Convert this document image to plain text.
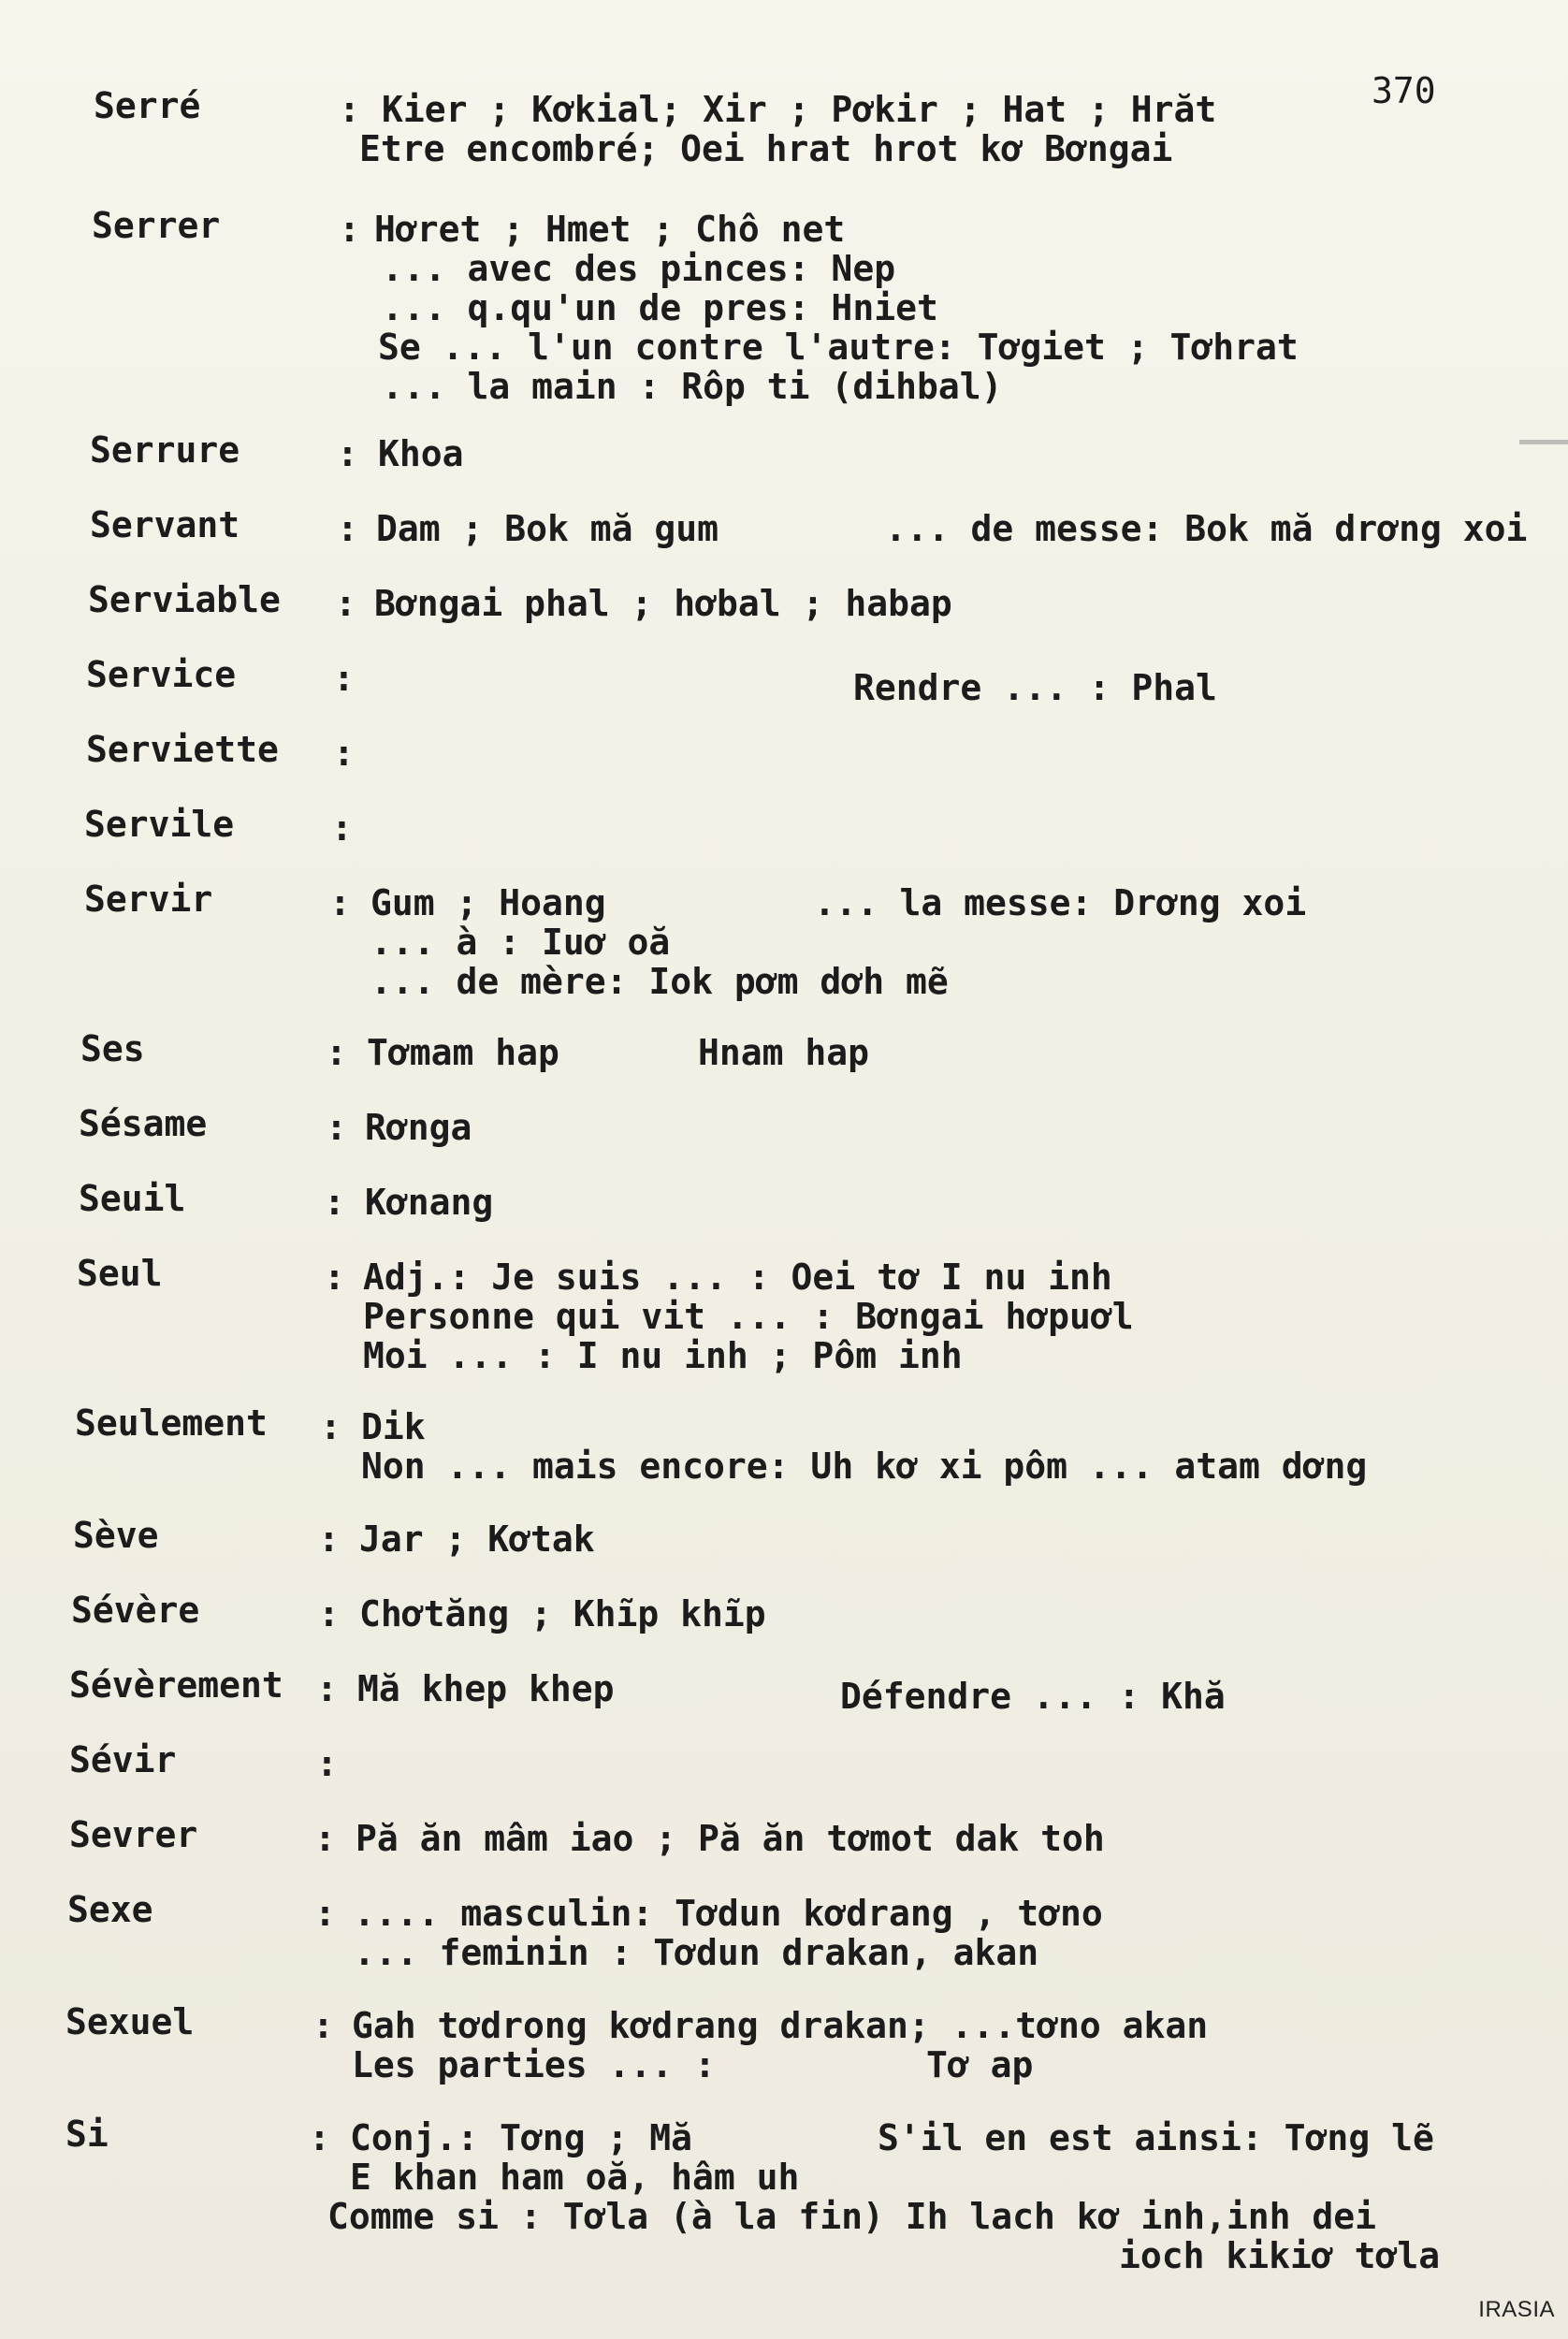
370
Serré	: Kier ; Kơkial; Xir ; Pơkir ; Hat ; Hrăt
Etre encombré; Oei hrat hrot kơ Bơngai
Serrer	: Hơret ; Hmet ; Chô net
... avec des pinces: Nep
... q.qu'un de pres: Hniet
Se ... l'un contre l'autre: Tơgiet ; Tơhrat
... la main : Rôp ti (dihbal)
Serrure	: Khoa
Servant	: Dam ; Bok mă gum	... de messe: Bok mă drơng xoi
Serviable : Bơngai phal ; hơbal ; habap
Service	:	Rendre ... : Phal
Serviette :
Servile	:
Servir	: Gum ; Hoang	... la messe: Drơng xoi
... à : Iuơ oă
... de mère: Iok pơm dơh mẽ
Ses	: Tơmam hap	Hnam hap
Sésame	: Rơnga
Seuil	: Kơnang
Seul	: Adj.: Je suis ... : Oei tơ I nu inh
Personne qui vit ... : Bơngai hơpuơl
Moi ... : I nu inh ; Pôm inh
Seulement : Dik
Non ... mais encore: Uh kơ xi pôm ... atam dơng
Sève	: Jar ; Kơtak
Sévère	: Chơtăng ; Khĩp khĩp
Sévèrement : Mă khep khep	Défendre ... : Khă
Sévir	:
Sevrer	: Pă ăn mâm iao ; Pă ăn tơmot dak toh
Sexe	: .... masculin: Tơdun kơdrang , tơno
... feminin : Tơdun drakan, akan
Sexuel	: Gah tơdrong kơdrang drakan; ...tơno akan
Les parties ... :	Tơ ap
Si	: Conj.: Tơng ; Mă	S'il en est ainsi: Tơng lẽ
E khan ham oă, hâm uh
Comme si : Tơla (à la fin) Ih lach kơ inh,inh dei
ioch kikiơ tơla
IRASIA
